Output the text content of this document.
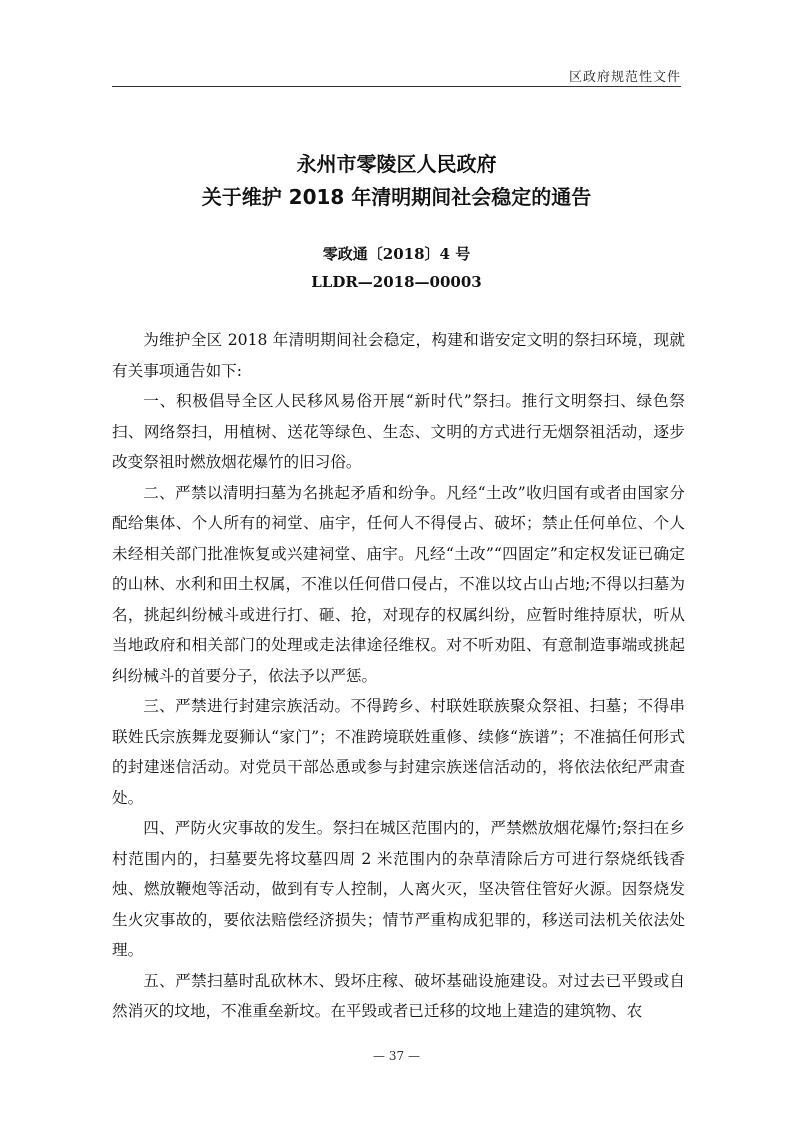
区政府规范性文件
永州市零陵区人民政府
关于维护 2018 年清明期间社会稳定的通告
零政通〔2018〕4 号
LLDR—2018—00003

为维护全区 2018 年清明期间社会稳定，构建和谐安定文明的祭扫环境，现就有关事项通告如下:

一、积极倡导全区人民移风易俗开展“新时代”祭扫。推行文明祭扫、绿色祭扫、网络祭扫，用植树、送花等绿色、生态、文明的方式进行无烟祭祖活动，逐步改变祭祖时燃放烟花爆竹的旧习俗。

二、严禁以清明扫墓为名挑起矛盾和纷争。凡经“土改”收归国有或者由国家分配给集体、个人所有的祠堂、庙宇，任何人不得侵占、破坏；禁止任何单位、个人未经相关部门批准恢复或兴建祠堂、庙宇。凡经“土改”“四固定”和定权发证已确定的山林、水利和田土权属，不准以任何借口侵占，不准以坟占山占地;不得以扫墓为名，挑起纠纷械斗或进行打、砸、抢，对现存的权属纠纷，应暂时维持原状，听从当地政府和相关部门的处理或走法律途径维权。对不听劝阻、有意制造事端或挑起纠纷械斗的首要分子，依法予以严惩。

三、严禁进行封建宗族活动。不得跨乡、村联姓联族聚众祭祖、扫墓；不得串联姓氏宗族舞龙耍狮认“家门”；不准跨境联姓重修、续修“族谱”；不准搞任何形式的封建迷信活动。对党员干部怂恿或参与封建宗族迷信活动的，将依法依纪严肃查处。

四、严防火灾事故的发生。祭扫在城区范围内的，严禁燃放烟花爆竹;祭扫在乡村范围内的，扫墓要先将坟墓四周 2 米范围内的杂草清除后方可进行祭烧纸钱香烛、燃放鞭炮等活动，做到有专人控制，人离火灭，坚决管住管好火源。因祭烧发生火灾事故的，要依法赔偿经济损失；情节严重构成犯罪的，移送司法机关依法处理。

五、严禁扫墓时乱砍林木、毁坏庄稼、破坏基础设施建设。对过去已平毁或自然消灭的坟地，不准重垒新坟。在平毁或者已迁移的坟地上建造的建筑物、农

— 37 —
